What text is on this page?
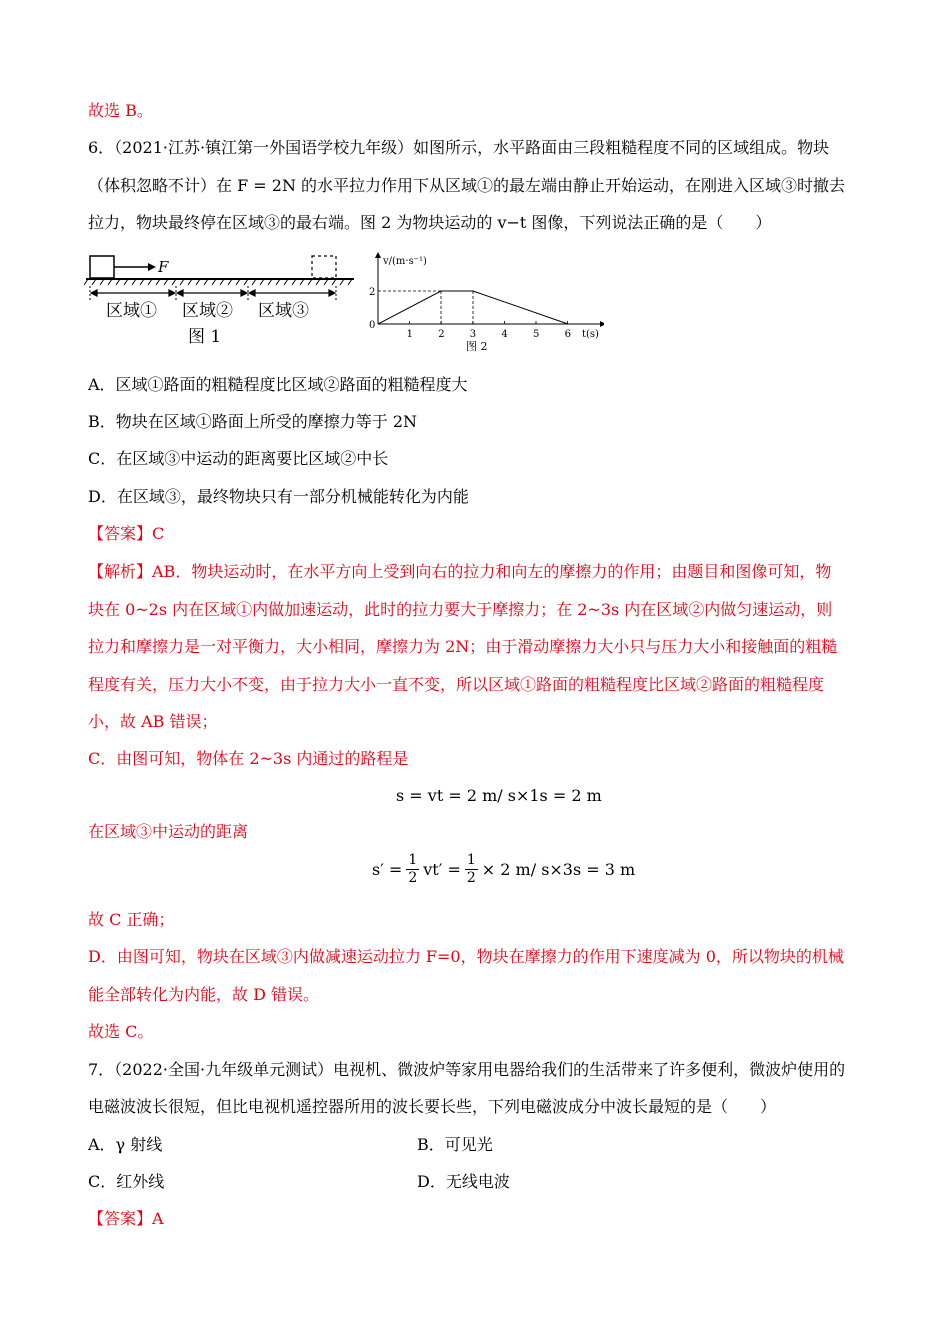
故选 B。
6．（2021·江苏·镇江第一外国语学校九年级）如图所示，水平路面由三段粗糙程度不同的区域组成。物块
（体积忽略不计）在 F = 2N 的水平拉力作用下从区域①的最左端由静止开始运动，在刚进入区域③时撤去
拉力，物块最终停在区域③的最右端。图 2 为物块运动的 v−t 图像，下列说法正确的是（　　）
F
区域① 区域② 区域③
图 1
v/(m·s⁻¹)
t(s)
0
2
1	2	3	4	5	6
图 2
A．区域①路面的粗糙程度比区域②路面的粗糙程度大
B．物块在区域①路面上所受的摩擦力等于 2N
C．在区域③中运动的距离要比区域②中长
D．在区域③，最终物块只有一部分机械能转化为内能
【答案】C
【解析】AB．物块运动时，在水平方向上受到向右的拉力和向左的摩擦力的作用；由题目和图像可知，物
块在 0~2s 内在区域①内做加速运动，此时的拉力要大于摩擦力；在 2~3s 内在区域②内做匀速运动，则
拉力和摩擦力是一对平衡力，大小相同，摩擦力为 2N；由于滑动摩擦力大小只与压力大小和接触面的粗糙
程度有关，压力大小不变，由于拉力大小一直不变，所以区域①路面的粗糙程度比区域②路面的粗糙程度
小，故 AB 错误；
C．由图可知，物体在 2~3s 内通过的路程是
s = vt = 2 m/ s×1s = 2 m
在区域③中运动的距离
$s' = \frac{1}{2} vt' = \frac{1}{2} \times 2$ m/ s×3s = 3 m
故 C 正确；
D．由图可知，物块在区域③内做减速运动拉力 F=0，物块在摩擦力的作用下速度减为 0，所以物块的机械
能全部转化为内能，故 D 错误。
故选 C。
7．（2022·全国·九年级单元测试）电视机、微波炉等家用电器给我们的生活带来了许多便利，微波炉使用的
电磁波波长很短，但比电视机遥控器所用的波长要长些，下列电磁波成分中波长最短的是（　　）
A．γ 射线	B．可见光
C．红外线	D．无线电波
【答案】A
